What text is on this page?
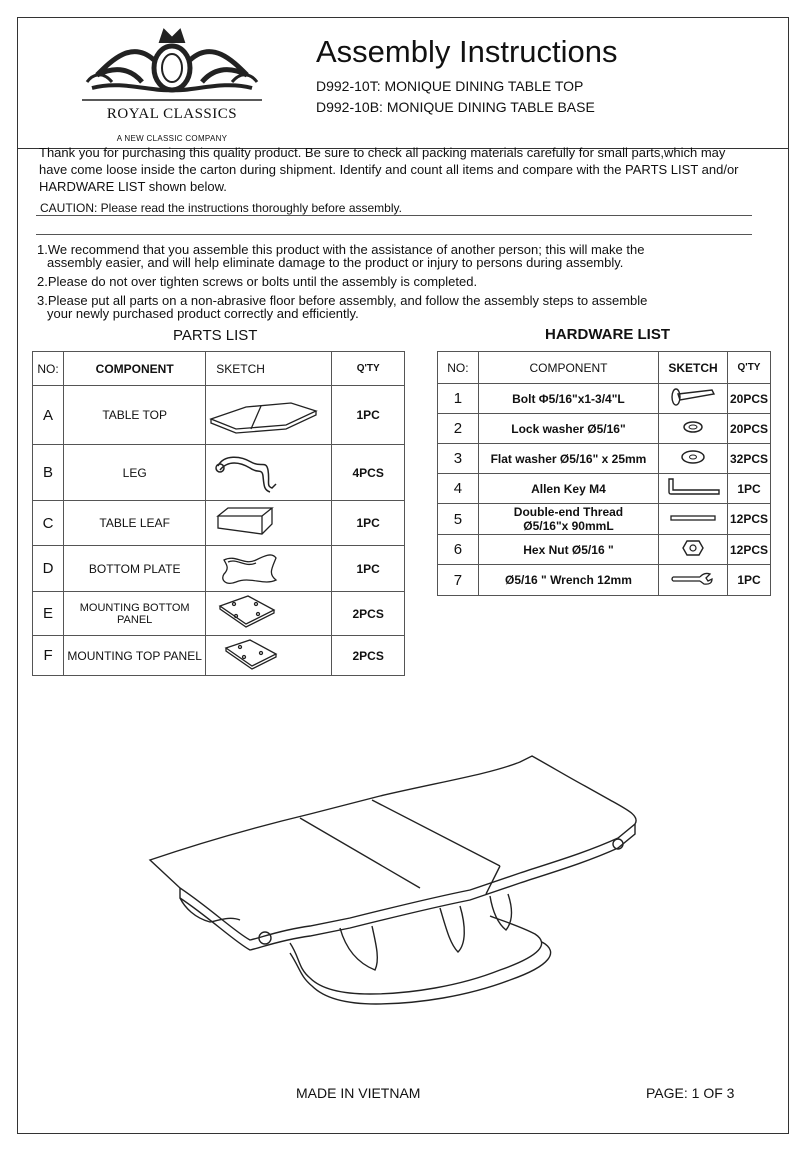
ROYAL CLASSICS
A NEW CLASSIC COMPANY
Assembly Instructions
D992-10T: MONIQUE DINING TABLE TOP
D992-10B: MONIQUE DINING TABLE BASE
Thank you for purchasing this quality product. Be sure to check all packing materials carefully for small parts,which may have come loose inside the carton during shipment. Identify and count all items and compare with the PARTS LIST and/or HARDWARE LIST shown below.
CAUTION: Please read the instructions thoroughly before assembly.
1.We recommend that you assemble this product with the assistance of another person; this will make the
assembly easier, and will help eliminate damage to the product or injury to persons during assembly.
2.Please do not over tighten screws or bolts until the assembly is completed.
3.Please put all parts on a non-abrasive floor before assembly, and follow the assembly steps to assemble
your newly purchased product correctly and efficiently.
PARTS LIST
NO:	COMPONENT	SKETCH	Q'TY
A	TABLE TOP		1PC
B	LEG		4PCS
C	TABLE LEAF		1PC
D	BOTTOM PLATE		1PC
E	MOUNTING BOTTOM PANEL		2PCS
F	MOUNTING TOP PANEL		2PCS
HARDWARE LIST
NO:	COMPONENT	SKETCH	Q'TY
1	Bolt Φ5/16"x1-3/4"L		20PCS
2	Lock washer Ø5/16"		20PCS
3	Flat washer Ø5/16" x 25mm		32PCS
4	Allen Key M4		1PC
5	Double-end Thread
Ø5/16"x 90mmL		12PCS
6	Hex Nut Ø5/16 "		12PCS
7	Ø5/16 " Wrench 12mm		1PC
MADE IN VIETNAM	PAGE: 1 OF 3
